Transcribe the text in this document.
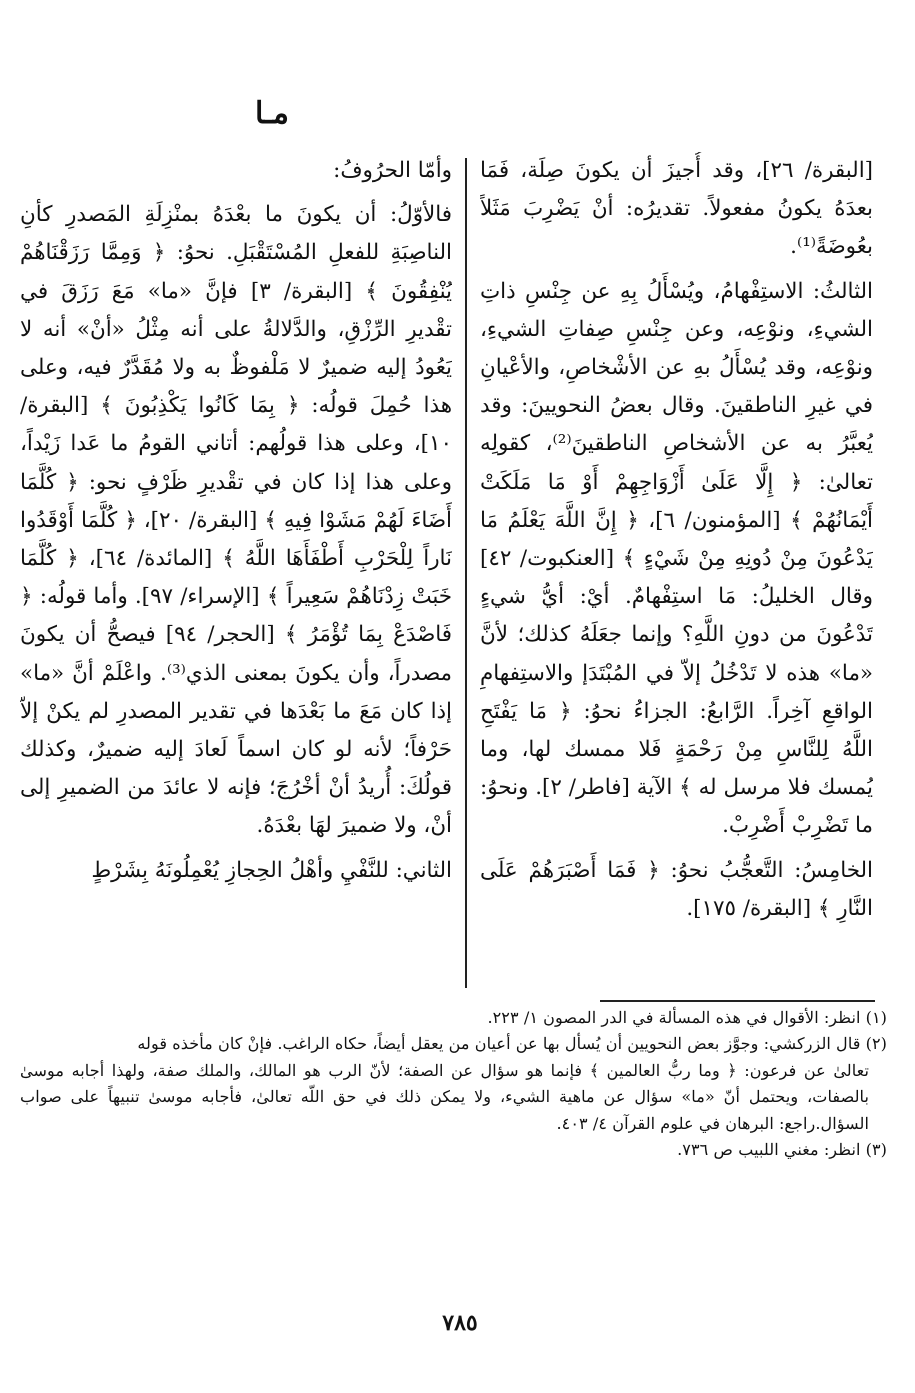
مـا

[البقرة/ ٢٦]، وقد أُجيزَ أن يكونَ صِلَة، فَمَا بعدَهُ يكونُ مفعولاً. تقديرُه: أنْ يَضْرِبَ مَثَلاً بعُوضَةً⁽¹⁾.

الثالثُ: الاستِفْهامُ، ويُسْأَلُ بِهِ عن جِنْسِ ذاتِ الشيءِ، ونوْعِه، وعن جِنْسِ صِفاتِ الشيءِ، ونوْعِه، وقد يُسْأَلُ بهِ عن الأشْخاصِ، والأعْيانِ في غيرِ الناطقينَ. وقال بعضُ النحويينَ: وقد يُعبَّرُ به عن الأشخاصِ الناطقينَ⁽²⁾، كقولِه تعالىٰ: ﴿ إِلَّا عَلَىٰ أَزْوَاجِهِمْ أَوْ مَا مَلَكَتْ أَيْمَانُهُمْ ﴾ [المؤمنون/ ٦]، ﴿ إِنَّ اللَّهَ يَعْلَمُ مَا يَدْعُونَ مِنْ دُونِهِ مِنْ شَيْءٍ ﴾ [العنكبوت/ ٤٢] وقال الخليلُ: مَا استِفْهامٌ. أيْ: أيُّ شيءٍ تَدْعُونَ من دونِ اللَّهِ؟ وإنما جعَلَهُ كذلك؛ لأنَّ «ما» هذه لا تَدْخُلُ إلاّ في المُبْتَدَإ والاستِفهامِ الواقعِ آخِراً. الرَّابعُ: الجزاءُ نحوُ: ﴿ مَا يَفْتَحِ اللَّهُ لِلنَّاسِ مِنْ رَحْمَةٍ فَلا ممسك لها، وما يُمسك فلا مرسل له ﴾ الآية [فاطر/ ٢]. ونحوُ: ما تَضْرِبْ أَضْرِبْ.

الخامِسُ: التَّعجُّبُ نحوُ: ﴿ فَمَا أَصْبَرَهُمْ عَلَى النَّارِ ﴾ [البقرة/ ١٧٥].

وأمّا الحرُوفُ:

فالأوّلُ: أن يكونَ ما بعْدَهُ بمنْزِلَةِ المَصدرِ كأنِ الناصِبَةِ للفعلِ المُسْتَقْبَلِ. نحوُ: ﴿ وَمِمَّا رَزَقْنَاهُمْ يُنْفِقُونَ ﴾ [البقرة/ ٣] فإنَّ «ما» مَعَ رَزَقَ في تقْديرِ الرِّزْقِ، والدَّلالةُ على أنه مِثْلُ «أنْ» أنه لا يَعُودُ إليه ضميرٌ لا مَلْفوظٌ به ولا مُقَدَّرٌ فيه، وعلى هذا حُمِلَ قولُه: ﴿ بِمَا كَانُوا يَكْذِبُونَ ﴾ [البقرة/ ١٠]، وعلى هذا قولُهم: أتاني القومُ ما عَدا زَيْداً، وعلى هذا إذا كان في تقْديرِ ظَرْفٍ نحو: ﴿ كُلَّمَا أَضَاءَ لَهُمْ مَشَوْا فِيهِ ﴾ [البقرة/ ٢٠]، ﴿ كُلَّمَا أَوْقَدُوا نَاراً لِلْحَرْبِ أَطْفَأَهَا اللَّهُ ﴾ [المائدة/ ٦٤]، ﴿ كُلَّمَا خَبَتْ زِدْنَاهُمْ سَعِيراً ﴾ [الإسراء/ ٩٧]. وأما قولُه: ﴿ فَاصْدَعْ بِمَا تُؤْمَرُ ﴾ [الحجر/ ٩٤] فيصحُّ أن يكونَ مصدراً، وأن يكونَ بمعنى الذي⁽³⁾. واعْلَمْ أنَّ «ما» إذا كان مَعَ ما بَعْدَها في تقدير المصدرِ لم يكنْ إلاّ حَرْفاً؛ لأنه لو كان اسماً لَعادَ إليه ضميرٌ، وكذلك قولُكَ: أُريدُ أنْ أخْرُجَ؛ فإنه لا عائدَ من الضميرِ إلى أنْ، ولا ضميرَ لهَا بعْدَهُ.

الثاني: للنَّفْيِ وأهْلُ الحِجازِ يُعْمِلُونَهُ بِشَرْطٍ

(١) انظر: الأقوال في هذه المسألة في الدر المصون ١/ ٢٢٣.

(٢) قال الزركشي: وجوَّز بعض النحويين أن يُسأل بها عن أعيان من يعقل أيضاً، حكاه الراغب. فإنْ كان مأخذه قوله

تعالىٰ عن فرعون: ﴿ وما ربُّ العالمين ﴾ فإنما هو سؤال عن الصفة؛ لأنّ الرب هو المالك، والملك صفة، ولهذا أجابه موسىٰ بالصفات، ويحتمل أنّ «ما» سؤال عن ماهية الشيء، ولا يمكن ذلك في حق اللّه تعالىٰ، فأجابه موسىٰ تنبيهاً على صواب السؤال.راجع: البرهان في علوم القرآن ٤/ ٤٠٣.

(٣) انظر: مغني اللبيب ص ٧٣٦.

٧٨٥
